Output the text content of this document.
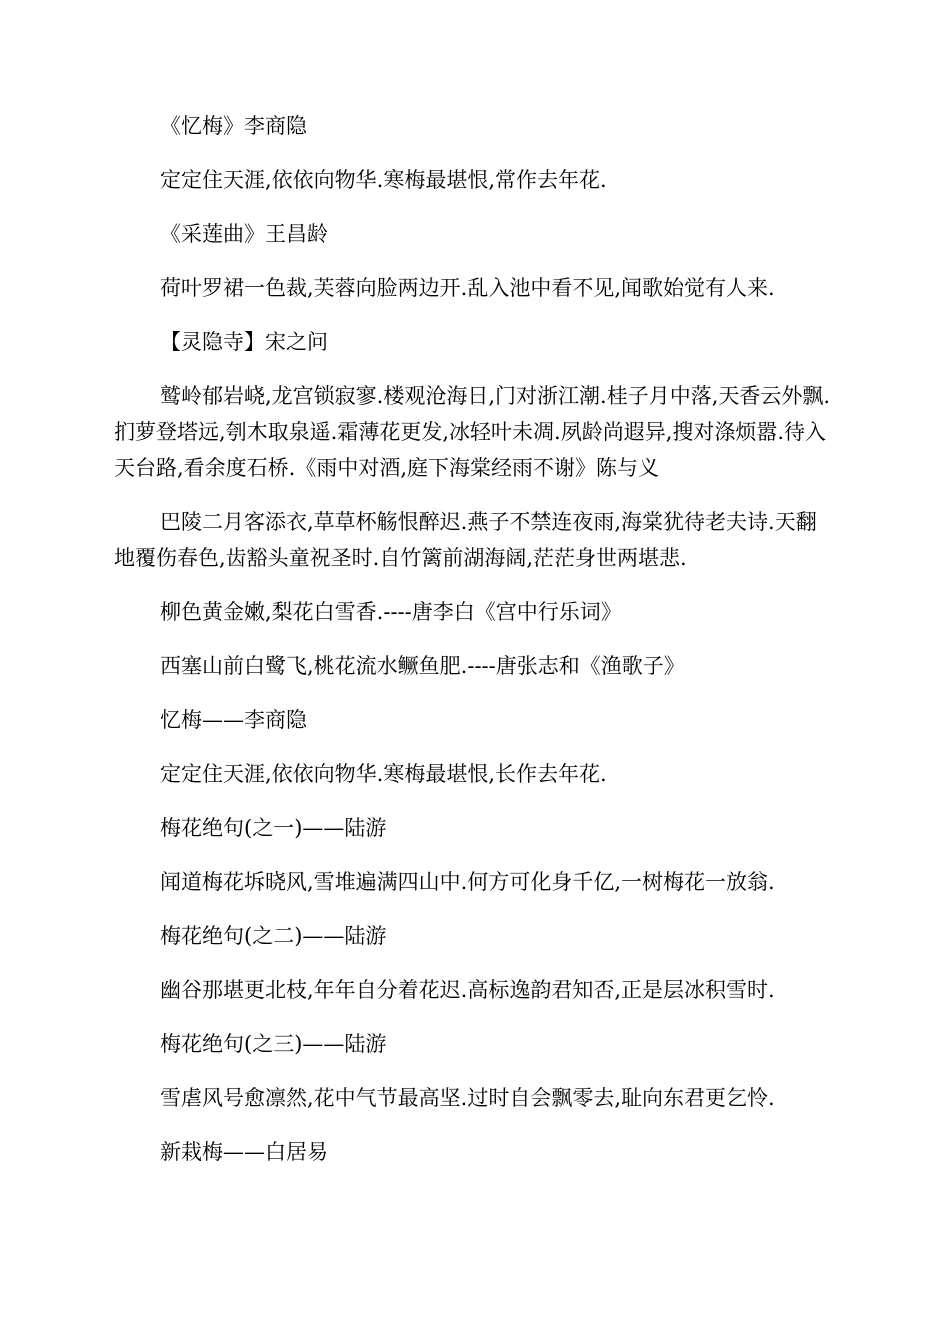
《忆梅》李商隐

定定住天涯,依依向物华.寒梅最堪恨,常作去年花.

《采莲曲》王昌龄

荷叶罗裙一色裁,芙蓉向脸两边开.乱入池中看不见,闻歌始觉有人来.

【灵隐寺】宋之问

鹫岭郁岩峣,龙宫锁寂寥.楼观沧海日,门对浙江潮.桂子月中落,天香云外飘.扪萝登塔远,刳木取泉遥.霜薄花更发,冰轻叶未凋.夙龄尚遐异,搜对涤烦嚣.待入天台路,看余度石桥.《雨中对酒,庭下海棠经雨不谢》陈与义

巴陵二月客添衣,草草杯觞恨醉迟.燕子不禁连夜雨,海棠犹待老夫诗.天翻地覆伤春色,齿豁头童祝圣时.自竹篱前湖海阔,茫茫身世两堪悲.

柳色黄金嫩,梨花白雪香.----唐李白《宫中行乐词》

西塞山前白鹭飞,桃花流水鳜鱼肥.----唐张志和《渔歌子》

忆梅——李商隐

定定住天涯,依依向物华.寒梅最堪恨,长作去年花.

梅花绝句(之一)——陆游

闻道梅花坼晓风,雪堆遍满四山中.何方可化身千亿,一树梅花一放翁.

梅花绝句(之二)——陆游

幽谷那堪更北枝,年年自分着花迟.高标逸韵君知否,正是层冰积雪时.

梅花绝句(之三)——陆游

雪虐风号愈凛然,花中气节最高坚.过时自会飘零去,耻向东君更乞怜.

新栽梅——白居易
